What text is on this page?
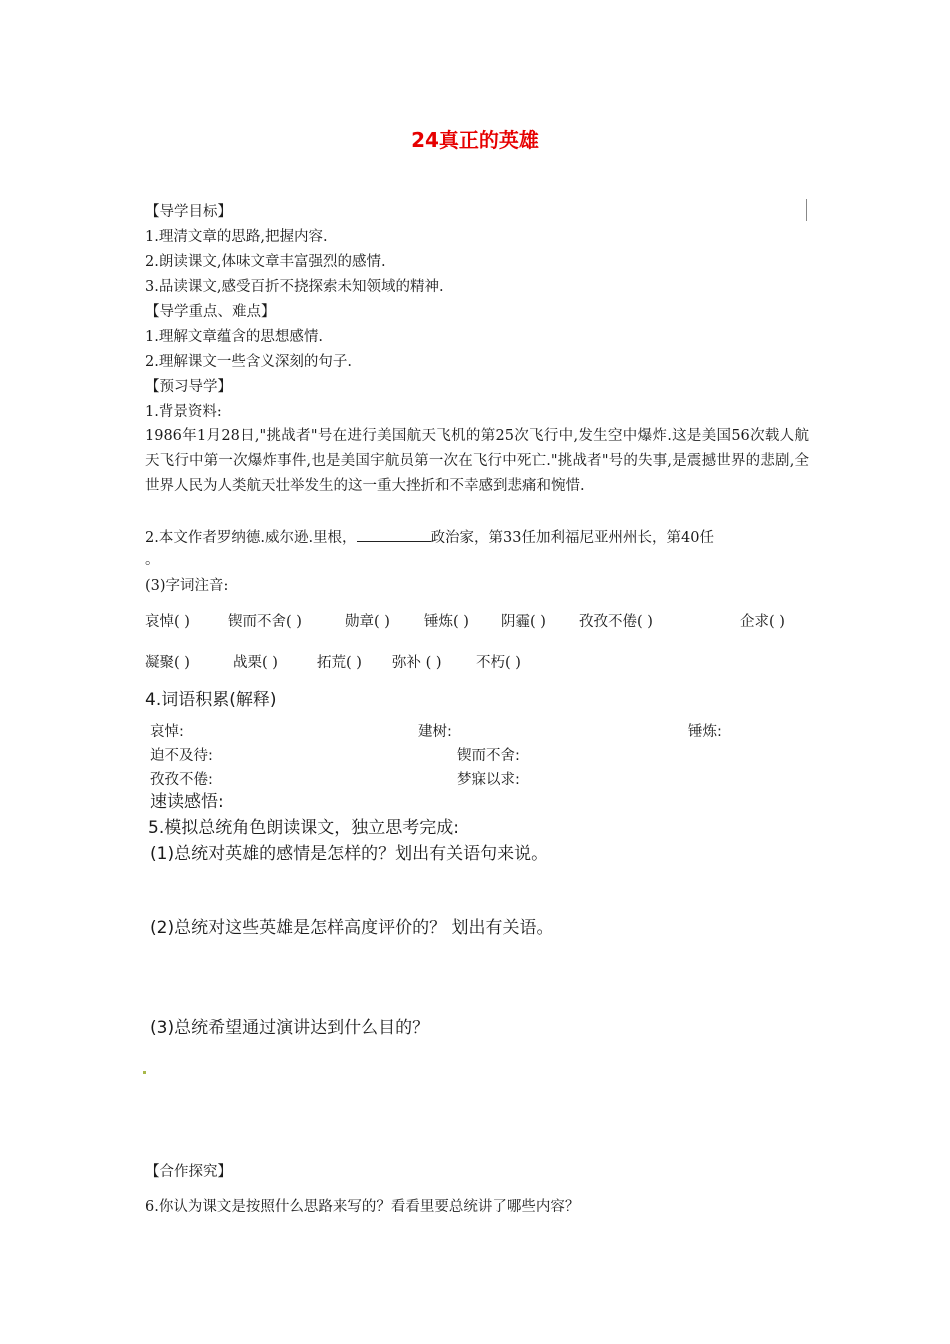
24真正的英雄
【导学目标】
1.理清文章的思路,把握内容.
2.朗读课文,体味文章丰富强烈的感情.
3.品读课文,感受百折不挠探索未知领域的精神.
【导学重点、难点】
1.理解文章蕴含的思想感情.
2.理解课文一些含义深刻的句子.
【预习导学】
1.背景资料:
1986年1月28日,"挑战者"号在进行美国航天飞机的第25次飞行中,发生空中爆炸.这是美国56次载人航天飞行中第一次爆炸事件,也是美国宇航员第一次在飞行中死亡."挑战者"号的失事,是震撼世界的悲剧,全世界人民为人类航天壮举发生的这一重大挫折和不幸感到悲痛和惋惜.
2.本文作者罗纳德.威尔逊.里根，	政治家，第33任加利福尼亚州州长，第40任
。
(3)字词注音:
哀悼( )	锲而不舍( )	勋章( ) 锤炼( ) 阴霾( ) 孜孜不倦( )	企求( )
凝聚( )	战栗( )	拓荒( ) 弥补 ( ) 不朽( )
4.词语积累(解释)
哀悼:	建树:	锤炼:
迫不及待:	锲而不舍:
孜孜不倦:	梦寐以求:
速读感悟:
5.模拟总统角色朗读课文，独立思考完成:
(1)总统对英雄的感情是怎样的？划出有关语句来说。
(2)总统对这些英雄是怎样高度评价的？ 划出有关语。
(3)总统希望通过演讲达到什么目的？
【合作探究】
6.你认为课文是按照什么思路来写的？看看里要总统讲了哪些内容？
